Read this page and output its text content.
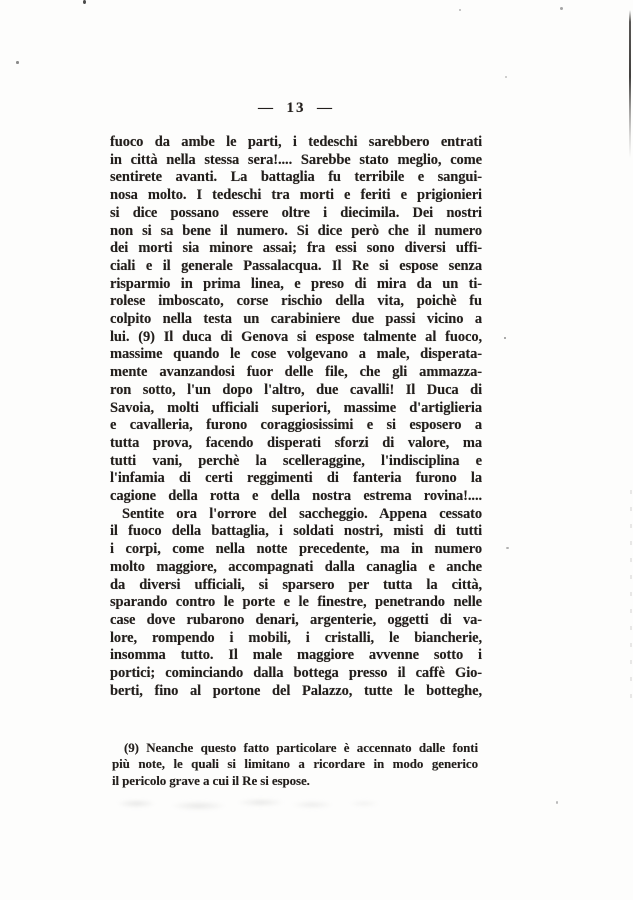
—  13  —
fuoco da ambe le parti, i tedeschi sarebbero entrati
in città nella stessa sera!.... Sarebbe stato meglio, come
sentirete avanti. La battaglia fu terribile e sangui-
nosa molto. I tedeschi tra morti e feriti e prigionieri
si dice possano essere oltre i diecimila. Dei nostri
non si sa bene il numero. Si dice però che il numero
dei morti sia minore assai; fra essi sono diversi uffi-
ciali e il generale Passalacqua. Il Re si espose senza
risparmio in prima linea, e preso di mira da un ti-
rolese imboscato, corse rischio della vita, poichè fu
colpito nella testa un carabiniere due passi vicino a
lui. (9) Il duca di Genova si espose talmente al fuoco,
massime quando le cose volgevano a male, disperata-
mente avanzandosi fuor delle file, che gli ammazza-
ron sotto, l'un dopo l'altro, due cavalli! Il Duca di
Savoia, molti ufficiali superiori, massime d'artiglieria
e cavalleria, furono coraggiosissimi e si esposero a
tutta prova, facendo disperati sforzi di valore, ma
tutti vani, perchè la scelleraggine, l'indisciplina e
l'infamia di certi reggimenti di fanteria furono la
cagione della rotta e della nostra estrema rovina!....
Sentite ora l'orrore del saccheggio. Appena cessato
il fuoco della battaglia, i soldati nostri, misti di tutti
i corpi, come nella notte precedente, ma in numero
molto maggiore, accompagnati dalla canaglia e anche
da diversi ufficiali, si sparsero per tutta la città,
sparando contro le porte e le finestre, penetrando nelle
case dove rubarono denari, argenterie, oggetti di va-
lore, rompendo i mobili, i cristalli, le biancherie,
insomma tutto. Il male maggiore avvenne sotto i
portici; cominciando dalla bottega presso il caffè Gio-
berti, fino al portone del Palazzo, tutte le botteghe,
(9) Neanche questo fatto particolare è accennato dalle fonti
più note, le quali si limitano a ricordare in modo generico
il pericolo grave a cui il Re si espose.
